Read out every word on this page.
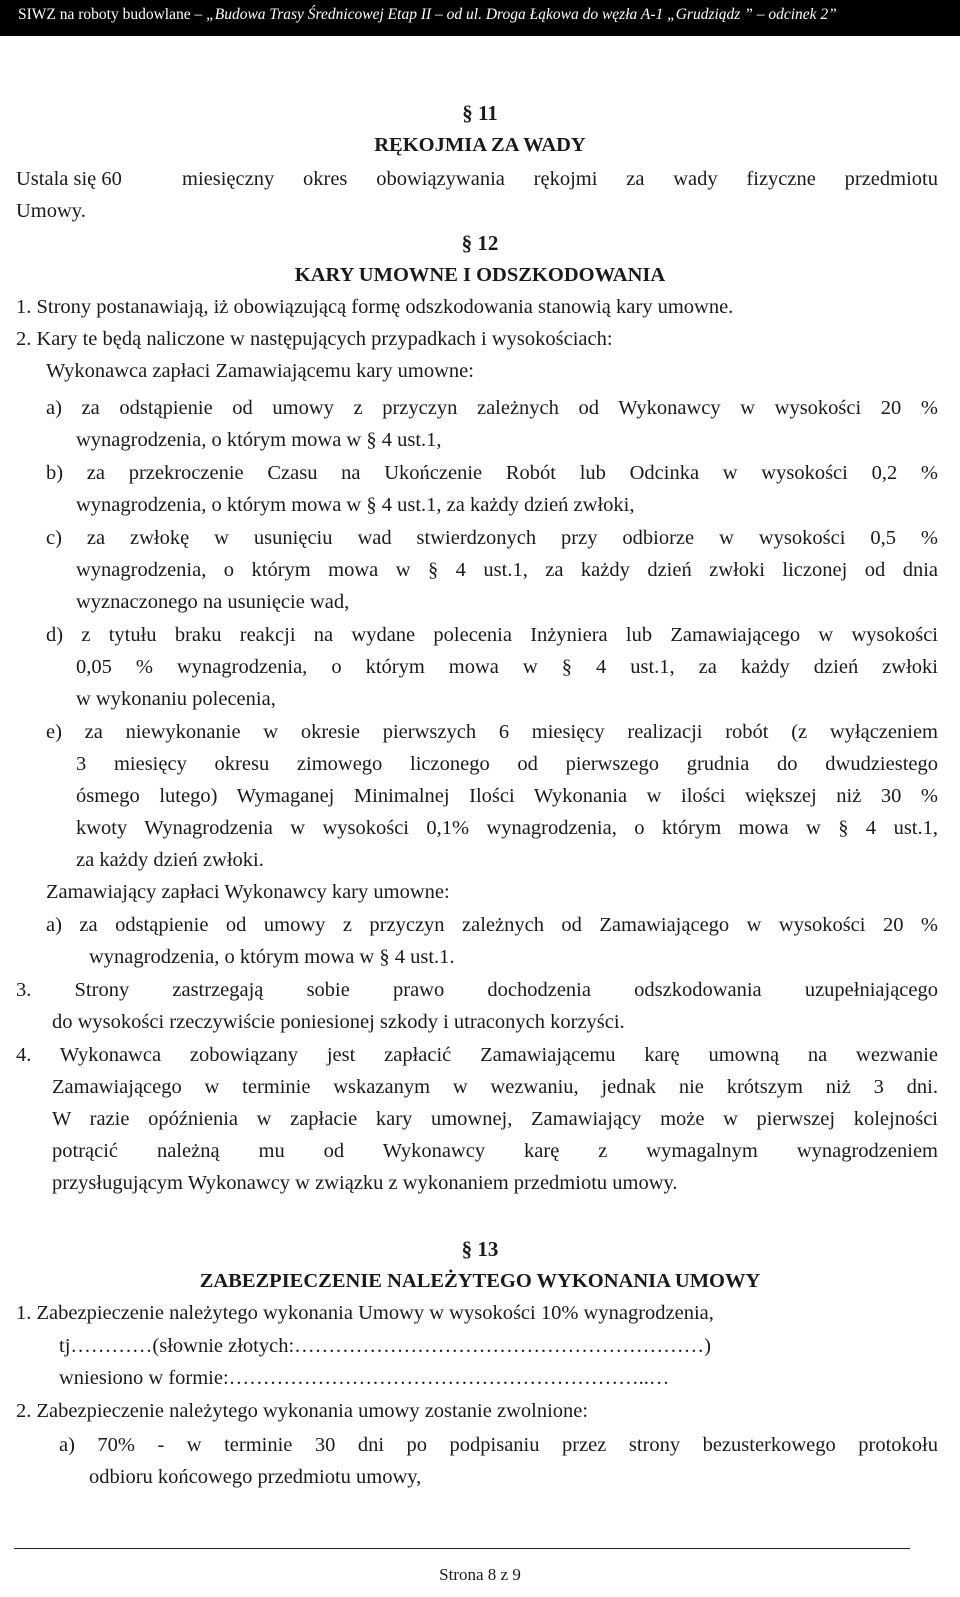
SIWZ na roboty budowlane – „Budowa Trasy Średnicowej Etap II – od ul. Droga Łąkowa do węzła A-1 „Grudziądz ” – odcinek 2”
§ 11
RĘKOJMIA ZA WADY
Ustala się 60	miesięczny okres obowiązywania rękojmi za wady fizyczne przedmiotu
Umowy.
§ 12
KARY UMOWNE I ODSZKODOWANIA
1. Strony postanawiają, iż obowiązującą formę odszkodowania stanowią kary umowne.
2. Kary te będą naliczone w następujących przypadkach i wysokościach:
Wykonawca zapłaci Zamawiającemu kary umowne:
a) za odstąpienie od umowy z przyczyn zależnych od Wykonawcy w wysokości 20 %
wynagrodzenia, o którym mowa w § 4 ust.1,
b) za przekroczenie Czasu na Ukończenie Robót lub Odcinka w wysokości 0,2 %
wynagrodzenia, o którym mowa w § 4 ust.1, za każdy dzień zwłoki,
c) za zwłokę w usunięciu wad stwierdzonych przy odbiorze w wysokości 0,5 %
wynagrodzenia, o którym mowa w § 4 ust.1, za każdy dzień zwłoki liczonej od dnia
wyznaczonego na usunięcie wad,
d) z tytułu braku reakcji na wydane polecenia Inżyniera lub Zamawiającego w wysokości
0,05 % wynagrodzenia, o którym mowa w § 4 ust.1, za każdy dzień zwłoki
w wykonaniu polecenia,
e) za niewykonanie w okresie pierwszych 6 miesięcy realizacji robót (z wyłączeniem
3 miesięcy okresu zimowego liczonego od pierwszego grudnia do dwudziestego
ósmego lutego) Wymaganej Minimalnej Ilości Wykonania w ilości większej niż 30 %
kwoty Wynagrodzenia w wysokości 0,1% wynagrodzenia, o którym mowa w § 4 ust.1,
za każdy dzień zwłoki.
Zamawiający zapłaci Wykonawcy kary umowne:
a) za odstąpienie od umowy z przyczyn zależnych od Zamawiającego w wysokości 20 %
wynagrodzenia, o którym mowa w § 4 ust.1.
3. Strony zastrzegają sobie prawo dochodzenia odszkodowania uzupełniającego
do wysokości rzeczywiście poniesionej szkody i utraconych korzyści.
4. Wykonawca zobowiązany jest zapłacić Zamawiającemu karę umowną na wezwanie
Zamawiającego w terminie wskazanym w wezwaniu, jednak nie krótszym niż 3 dni.
W razie opóźnienia w zapłacie kary umownej, Zamawiający może w pierwszej kolejności
potrącić należną mu od Wykonawcy karę z wymagalnym wynagrodzeniem
przysługującym Wykonawcy w związku z wykonaniem przedmiotu umowy.
§ 13
ZABEZPIECZENIE NALEŻYTEGO WYKONANIA UMOWY
1. Zabezpieczenie należytego wykonania Umowy w wysokości 10% wynagrodzenia,
tj…………(słownie złotych:……………………………………………………)
wniesiono w formie:……………………………………………………..…
2. Zabezpieczenie należytego wykonania umowy zostanie zwolnione:
a) 70% - w terminie 30 dni po podpisaniu przez strony bezusterkowego protokołu
odbioru końcowego przedmiotu umowy,
Strona 8 z 9
